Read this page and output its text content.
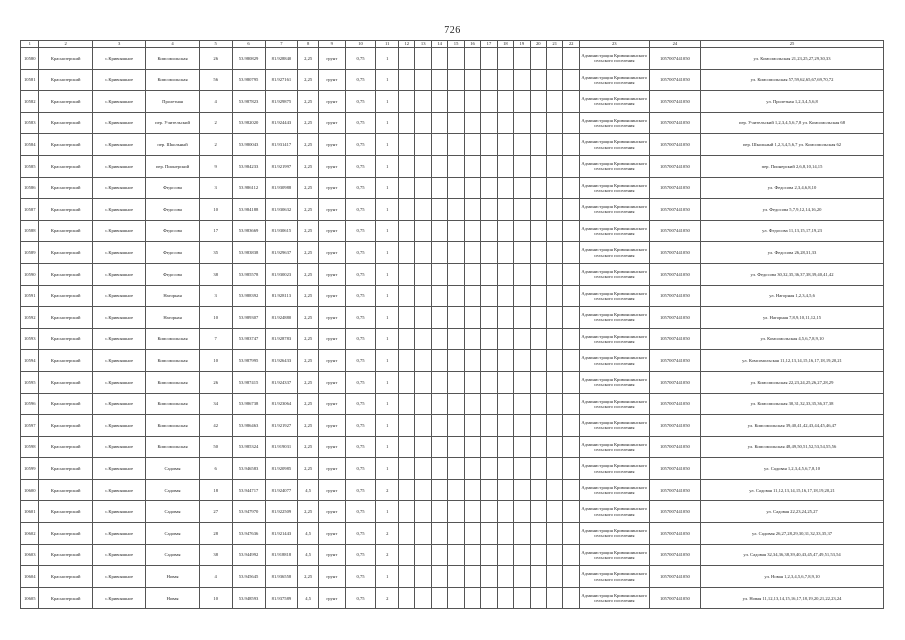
726
1	2	3	4	5	6	7	8	9	10	11	12	13	14	15	16	17	18	19	20	21	22	23	24	25
10580	Краснозерский	с.Кривояшное	Комсомольская	26	53.980829	81.928840	2,25	грунт	0,75	1												Администрация Кривояшинского сельского поселения	1057007441050	ул. Комсомольская 21,23,25,27,29,30,33
10581	Краснозерский	с.Кривояшное	Комсомольская	56	53.980795	81.927161	2,25	грунт	0,75	1												Администрация Кривояшинского сельского поселения	1057007441050	ул. Комсомольская 57,59,62,65,67,69,70,72
10582	Краснозерский	с.Кривояшное	Пролетная	4	53.987823	81.929875	2,25	грунт	0,75	1												Администрация Кривояшинского сельского поселения	1057007441050	ул. Пролетная 1,2,3,4,5,6,8
10583	Краснозерский	с.Кривояшное	пер. Учительский	2	53.982020	81.924443	2,25	грунт	0,75	1												Администрация Кривояшинского сельского поселения	1057007441050	пер. Учительский 1,2,3,4,5,6,7,8 ул. Комсомольская 68
10584	Краснозерский	с.Кривояшное	пер. Школьный	2	53.980043	81.931417	2,25	грунт	0,75	1												Администрация Кривояшинского сельского поселения	1057007441050	пер. Школьный 1,2,3,4,5,6,7 ул. Комсомольская 62
10585	Краснозерский	с.Кривояшное	пер. Пионерский	9	53.984233	81.921997	2,25	грунт	0,75	1												Администрация Кривояшинского сельского поселения	1057007441050	пер. Пионерский 2,6,8,10,14,15
10586	Краснозерский	с.Кривояшное	Федосова	3	53.986112	81.930988	2,25	грунт	0,75	1												Администрация Кривояшинского сельского поселения	1057007441050	ул. Федосова 2,3,4,6,8,10
10587	Краснозерский	с.Кривояшное	Федосова	10	53.984188	81.930632	2,25	грунт	0,75	1												Администрация Кривояшинского сельского поселения	1057007441050	ул. Федосова 5,7,9,12,14,16,20
10588	Краснозерский	с.Кривояшное	Федосова	17	53.983669	81.930615	2,25	грунт	0,75	1												Администрация Кривояшинского сельского поселения	1057007441050	ул. Федосова 11,13,15,17,19,23
10589	Краснозерский	с.Кривояшное	Федосова	35	53.983838	81.929637	2,25	грунт	0,75	1												Администрация Кривояшинского сельского поселения	1057007441050	ул. Федосова 26,28,31,33
10590	Краснозерский	с.Кривояшное	Федосова	38	53.985578	81.930023	2,25	грунт	0,75	1												Администрация Кривояшинского сельского поселения	1057007441050	ул. Федосова 30,32,35,36,37,38,39,40,41,42
10591	Краснозерский	с.Кривояшное	Нагорная	3	53.988392	81.928113	2,25	грунт	0,75	1												Администрация Кривояшинского сельского поселения	1057007441050	ул. Нагорная 1,2,3,4,5,6
10592	Краснозерский	с.Кривояшное	Нагорная	10	53.989307	81.924880	2,25	грунт	0,75	1												Администрация Кривояшинского сельского поселения	1057007441050	ул. Нагорная 7,8,9,10,11,12,15
10593	Краснозерский	с.Кривояшное	Комсомольская	7	53.983747	81.928783	2,25	грунт	0,75	1												Администрация Кривояшинского сельского поселения	1057007441050	ул. Комсомольская 4,5,6,7,8,9,10
10594	Краснозерский	с.Кривояшное	Комсомольская	10	53.987995	81.926433	2,25	грунт	0,75	1												Администрация Кривояшинского сельского поселения	1057007441050	ул. Комсомольская 11,12,13,14,15,16,17,18,19,20,21
10595	Краснозерский	с.Кривояшное	Комсомольская	26	53.987415	81.924337	2,25	грунт	0,75	1												Администрация Кривояшинского сельского поселения	1057007441050	ул. Комсомольская 22,23,24,25,26,27,28,29
10596	Краснозерский	с.Кривояшное	Комсомольская	34	53.986738	81.923064	2,25	грунт	0,75	1												Администрация Кривояшинского сельского поселения	1057007441050	ул. Комсомольская 30,31,32,33,35,36,37,38
10597	Краснозерский	с.Кривояшное	Комсомольская	42	53.986463	81.921927	2,25	грунт	0,75	1												Администрация Кривояшинского сельского поселения	1057007441050	ул. Комсомольская 39,40,41,42,43,44,45,46,47
10598	Краснозерский	с.Кривояшное	Комсомольская	50	53.985324	81.919031	2,25	грунт	0,75	1												Администрация Кривояшинского сельского поселения	1057007441050	ул. Комсомольская 48,49,50,51,52,53,54,55,56
10599	Краснозерский	с.Кривояшное	Садовая	6	53.946583	81.920985	2,25	грунт	0,75	1												Администрация Кривояшинского сельского поселения	1057007441050	ул. Садовая 1,2,3,4,5,6,7,8,10
10600	Краснозерский	с.Кривояшное	Садовая	18	53.944717	81.924077	4,5	грунт	0,75	2												Администрация Кривояшинского сельского поселения	1057007441050	ул. Садовая 11,12,13,14,15,16,17,18,19,20,21
10601	Краснозерский	с.Кривояшное	Садовая	27	53.947970	81.922509	2,25	грунт	0,75	1												Администрация Кривояшинского сельского поселения	1057007441050	ул. Садовая 22,23,24,25,27
10602	Краснозерский	с.Кривояшное	Садовая	28	53.947636	81.921443	4,5	грунт	0,75	2												Администрация Кривояшинского сельского поселения	1057007441050	ул. Садовая 26,27,28,29,30,31,32,33,35,37
10603	Краснозерский	с.Кривояшное	Садовая	38	53.944992	81.918818	4,5	грунт	0,75	2												Администрация Кривояшинского сельского поселения	1057007441050	ул. Садовая 32,34,36,38,39,40,43,45,47,49,51,53,54
10604	Краснозерский	с.Кривояшное	Новая	4	53.945645	81.936558	2,25	грунт	0,75	1												Администрация Кривояшинского сельского поселения	1057007441050	ул. Новая 1,2,3,4,5,6,7,8,9,10
10605	Краснозерский	с.Кривояшное	Новая	10	53.948593	81.937589	4,5	грунт	0,75	2												Администрация Кривояшинского сельского поселения	1057007441050	ул. Новая 11,12,13,14,15,16,17,18,19,20,21,22,23,24
